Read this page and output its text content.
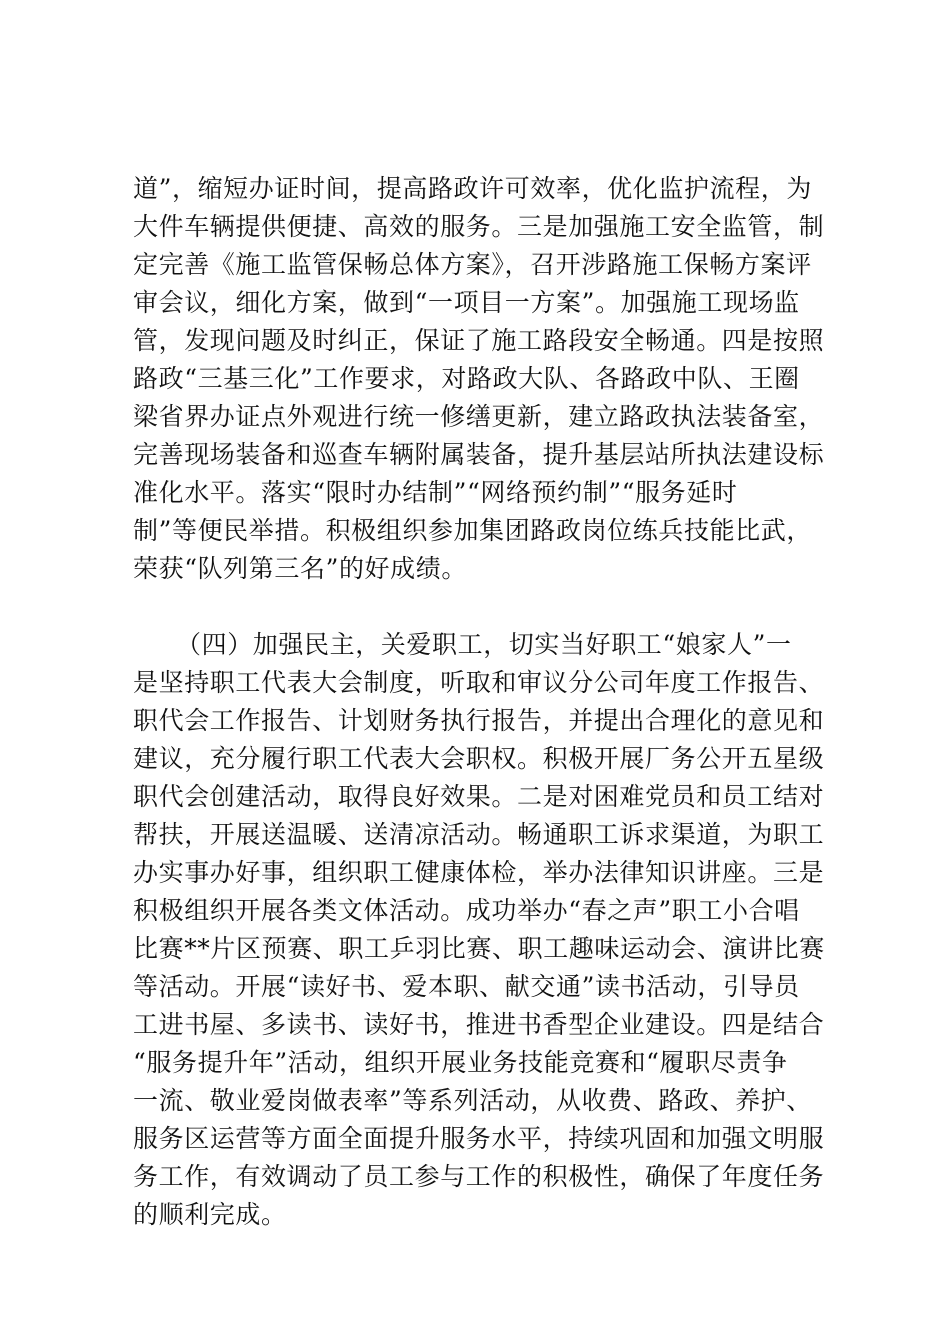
道”，缩短办证时间，提高路政许可效率，优化监护流程，为
大件车辆提供便捷、高效的服务。三是加强施工安全监管，制
定完善《施工监管保畅总体方案》，召开涉路施工保畅方案评
审会议，细化方案，做到“一项目一方案”。加强施工现场监
管，发现问题及时纠正，保证了施工路段安全畅通。四是按照
路政“三基三化”工作要求，对路政大队、各路政中队、王圈
梁省界办证点外观进行统一修缮更新，建立路政执法装备室，
完善现场装备和巡查车辆附属装备，提升基层站所执法建设标
准化水平。落实“限时办结制”“网络预约制”“服务延时
制”等便民举措。积极组织参加集团路政岗位练兵技能比武，
荣获“队列第三名”的好成绩。
（四）加强民主，关爱职工，切实当好职工“娘家人”一
是坚持职工代表大会制度，听取和审议分公司年度工作报告、
职代会工作报告、计划财务执行报告，并提出合理化的意见和
建议，充分履行职工代表大会职权。积极开展厂务公开五星级
职代会创建活动，取得良好效果。二是对困难党员和员工结对
帮扶，开展送温暖、送清凉活动。畅通职工诉求渠道，为职工
办实事办好事，组织职工健康体检，举办法律知识讲座。三是
积极组织开展各类文体活动。成功举办“春之声”职工小合唱
比赛**片区预赛、职工乒羽比赛、职工趣味运动会、演讲比赛
等活动。开展“读好书、爱本职、献交通”读书活动，引导员
工进书屋、多读书、读好书，推进书香型企业建设。四是结合
“服务提升年”活动，组织开展业务技能竞赛和“履职尽责争
一流、敬业爱岗做表率”等系列活动，从收费、路政、养护、
服务区运营等方面全面提升服务水平，持续巩固和加强文明服
务工作，有效调动了员工参与工作的积极性，确保了年度任务
的顺利完成。
